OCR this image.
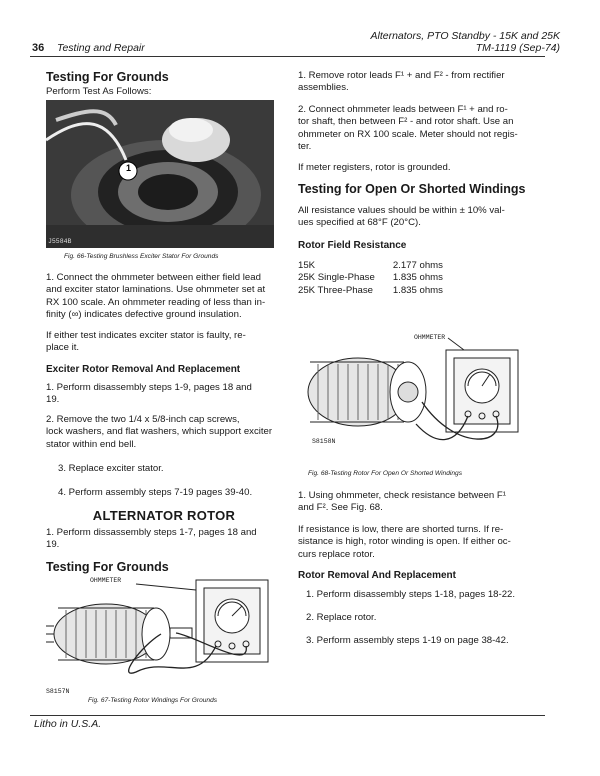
36 Testing and Repair
Alternators, PTO Standby - 15K and 25K
TM-1119 (Sep-74)
Testing For Grounds
Perform Test As Follows:
1
J5584B
Fig. 66-Testing Brushless Exciter Stator For Grounds
1. Connect the ohmmeter between either field lead
and exciter stator laminations. Use ohmmeter set at
RX 100 scale. An ohmmeter reading of less than in-
finity (∞) indicates defective ground insulation.
If either test indicates exciter stator is faulty, re-
place it.
Exciter Rotor Removal And Replacement
1. Perform disassembly steps 1-9, pages 18 and
19.
2. Remove the two 1/4 x 5/8-inch cap screws,
lock washers, and flat washers, which support exciter
stator within end bell.
3. Replace exciter stator.
4. Perform assembly steps 7-19 pages 39-40.
ALTERNATOR ROTOR
1. Perform dissassembly steps 1-7, pages 18 and
19.
Testing For Grounds
OHMMETER
S8157N
Fig. 67-Testing Rotor Windings For Grounds
1. Remove rotor leads F¹ + and F² - from rectifier
assemblies.
2. Connect ohmmeter leads between F¹ + and ro-
tor shaft, then between F² - and rotor shaft. Use an
ohmmeter on RX 100 scale. Meter should not regis-
ter.
If meter registers, rotor is grounded.
Testing for Open Or Shorted Windings
All resistance values should be within ± 10% val-
ues specified at 68°F (20°C).
Rotor Field Resistance
15K	2.177 ohms
25K Single-Phase	1.835 ohms
25K Three-Phase	1.835 ohms
OHMMETER
S8158N
Fig. 68-Testing Rotor For Open Or Shorted Windings
1. Using ohmmeter, check resistance between F¹
and F². See Fig. 68.
If resistance is low, there are shorted turns. If re-
sistance is high, rotor winding is open. If either oc-
curs replace rotor.
Rotor Removal And Replacement
1. Perform disassembly steps 1-18, pages 18-22.
2. Replace rotor.
3. Perform assembly steps 1-19 on page 38-42.
Litho in U.S.A.
